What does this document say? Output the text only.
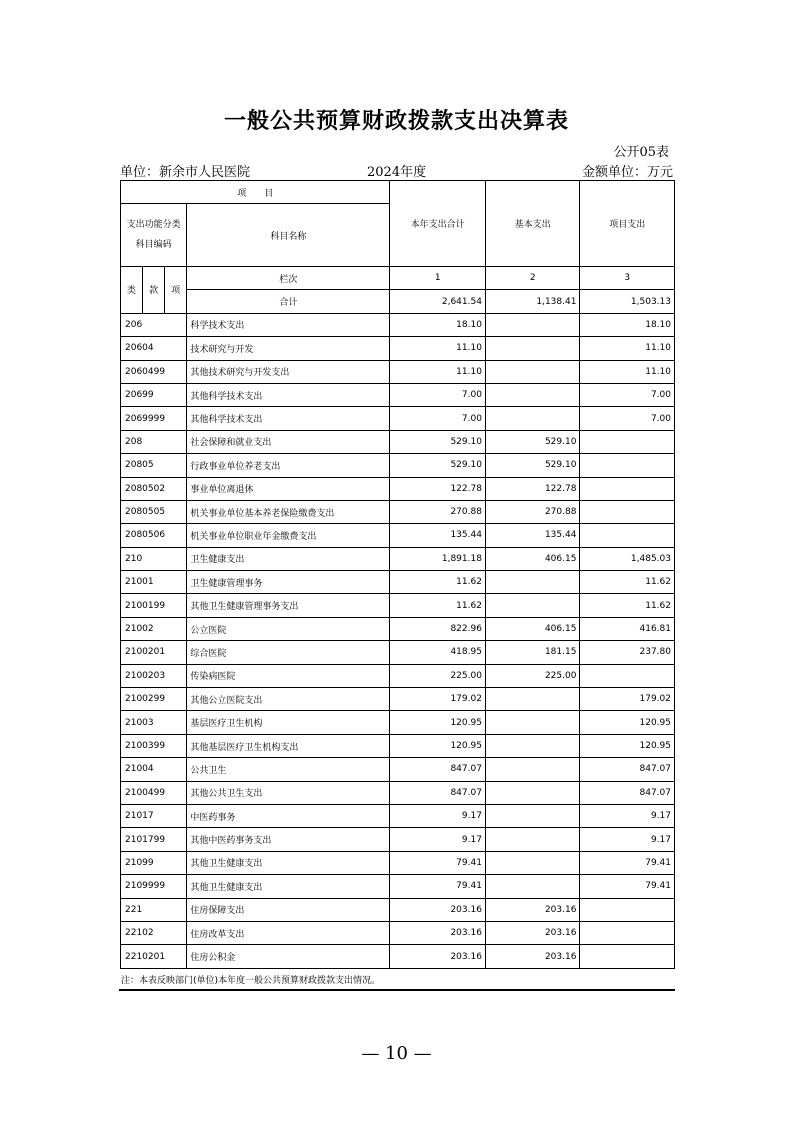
一般公共预算财政拨款支出决算表
公开05表
单位：新余市人民医院	2024年度	金额单位：万元
项　　目				本年支出合计	基本支出	项目支出

支出功能分类
科目编码			科目名称			
类	款	项	栏次	1	2	3
			合计	2,641.54	1,138.41	1,503.13
206			科学技术支出	18.10		18.10
20604			技术研究与开发	11.10		11.10
2060499			其他技术研究与开发支出	11.10		11.10
20699			其他科学技术支出	7.00		7.00
2069999			其他科学技术支出	7.00		7.00
208			社会保障和就业支出	529.10	529.10	
20805			行政事业单位养老支出	529.10	529.10	
2080502			事业单位离退休	122.78	122.78	
2080505			机关事业单位基本养老保险缴费支出	270.88	270.88	
2080506			机关事业单位职业年金缴费支出	135.44	135.44	
210			卫生健康支出	1,891.18	406.15	1,485.03
21001			卫生健康管理事务	11.62		11.62
2100199			其他卫生健康管理事务支出	11.62		11.62
21002			公立医院	822.96	406.15	416.81
2100201			综合医院	418.95	181.15	237.80
2100203			传染病医院	225.00	225.00	
2100299			其他公立医院支出	179.02		179.02
21003			基层医疗卫生机构	120.95		120.95
2100399			其他基层医疗卫生机构支出	120.95		120.95
21004			公共卫生	847.07		847.07
2100499			其他公共卫生支出	847.07		847.07
21017			中医药事务	9.17		9.17
2101799			其他中医药事务支出	9.17		9.17
21099			其他卫生健康支出	79.41		79.41
2109999			其他卫生健康支出	79.41		79.41
221			住房保障支出	203.16	203.16	
22102			住房改革支出	203.16	203.16	
2210201			住房公积金	203.16	203.16	
注：本表反映部门(单位)本年度一般公共预算财政拨款支出情况。
— 10 —
